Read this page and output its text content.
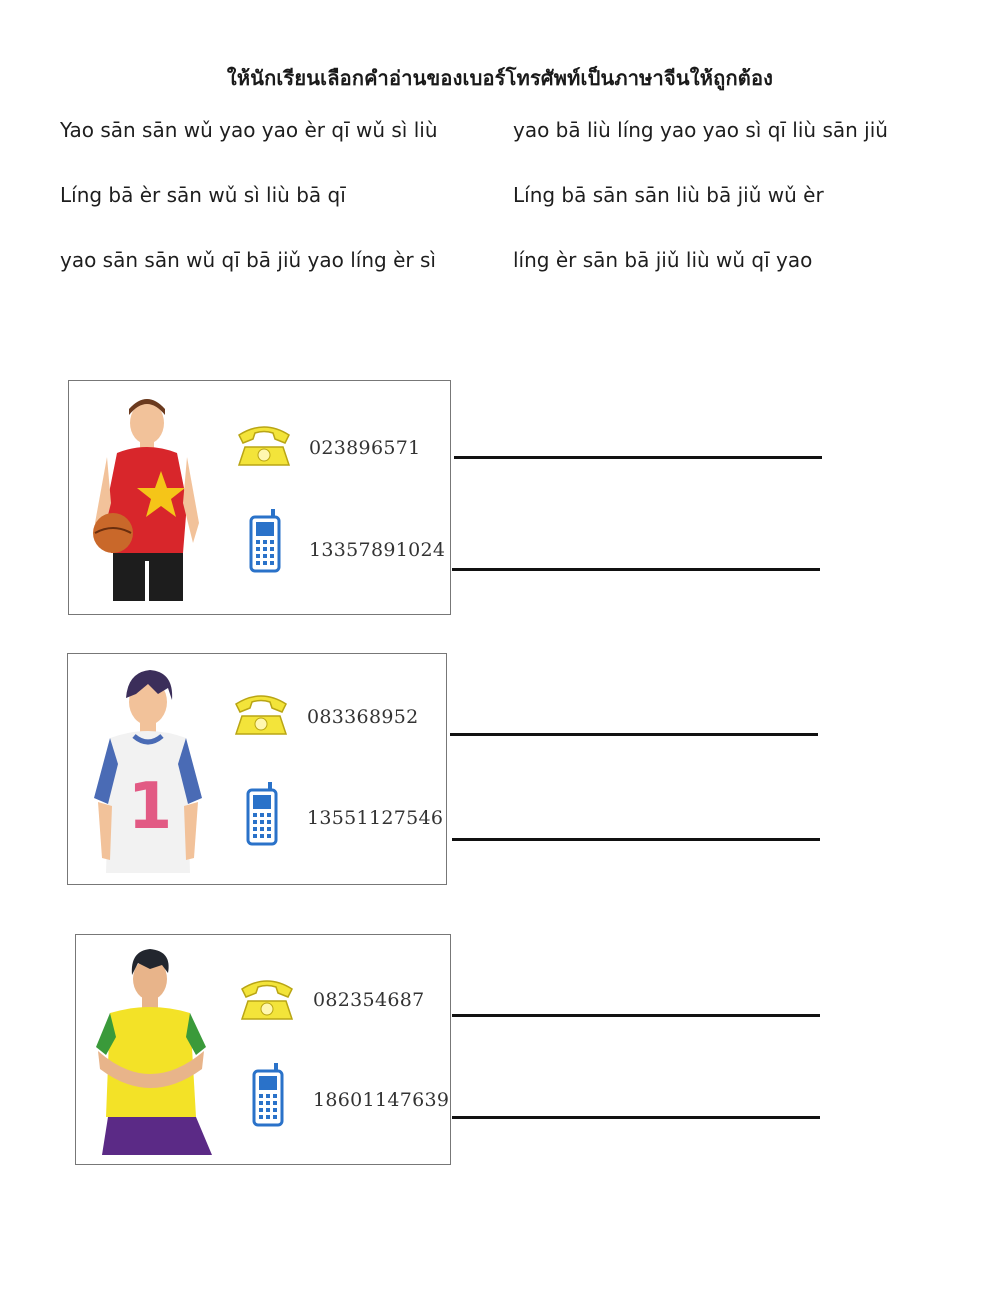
ให้นักเรียนเลือกคำอ่านของเบอร์โทรศัพท์เป็นภาษาจีนให้ถูกต้อง
Yao sān sān wǔ yao yao èr qī wǔ sì liù	yao bā liù líng yao yao sì qī liù sān jiǔ
Líng bā èr sān wǔ sì liù bā qī	Líng bā sān sān liù bā jiǔ wǔ èr
yao sān sān wǔ qī bā jiǔ yao líng èr sì	líng èr sān bā jiǔ liù wǔ qī yao
023896571
13357891024
1
083368952
13551127546
082354687
18601147639
